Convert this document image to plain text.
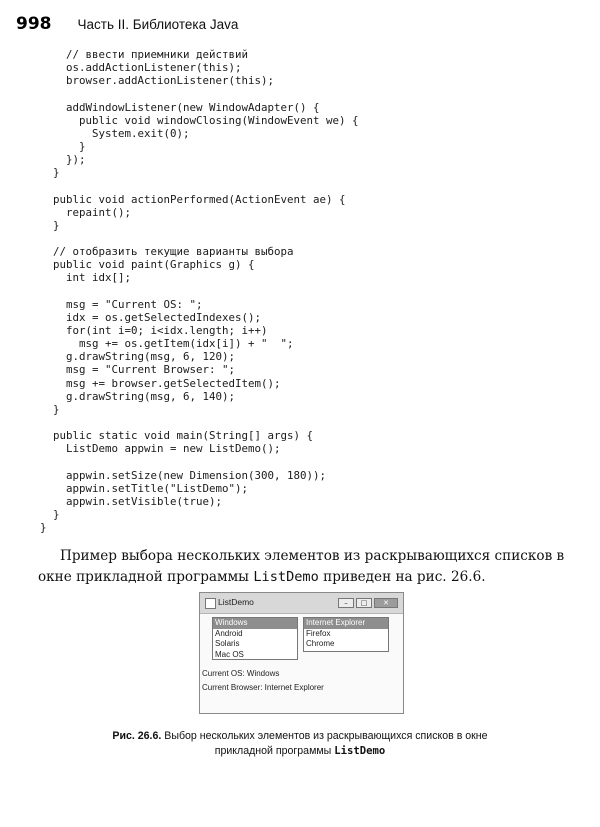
998 Часть II. Библиотека Java
// ввести приемники действий
os.addActionListener(this);
browser.addActionListener(this);
addWindowListener(new WindowAdapter() {
public void windowClosing(WindowEvent we) {
System.exit(0);
}
});
}
public void actionPerformed(ActionEvent ae) {
repaint();
}
// отобразить текущие варианты выбора
public void paint(Graphics g) {
int idx[];
msg = "Current OS: ";
idx = os.getSelectedIndexes();
for(int i=0; i<idx.length; i++)
msg += os.getItem(idx[i]) + "  ";
g.drawString(msg, 6, 120);
msg = "Current Browser: ";
msg += browser.getSelectedItem();
g.drawString(msg, 6, 140);
}
public static void main(String[] args) {
ListDemo appwin = new ListDemo();
appwin.setSize(new Dimension(300, 180));
appwin.setTitle("ListDemo");
appwin.setVisible(true);
}
}

Пример выбора нескольких элементов из раскрывающихся списков в окне прикладной программы ListDemo приведен на рис. 26.6.

ListDemo	–	□	✕
Windows
Android
Solaris
Mac OS
Internet Explorer
Firefox
Chrome
Current OS: Windows
Current Browser: Internet Explorer

Рис. 26.6. Выбор нескольких элементов из раскрывающихся списков в окне прикладной программы ListDemo
